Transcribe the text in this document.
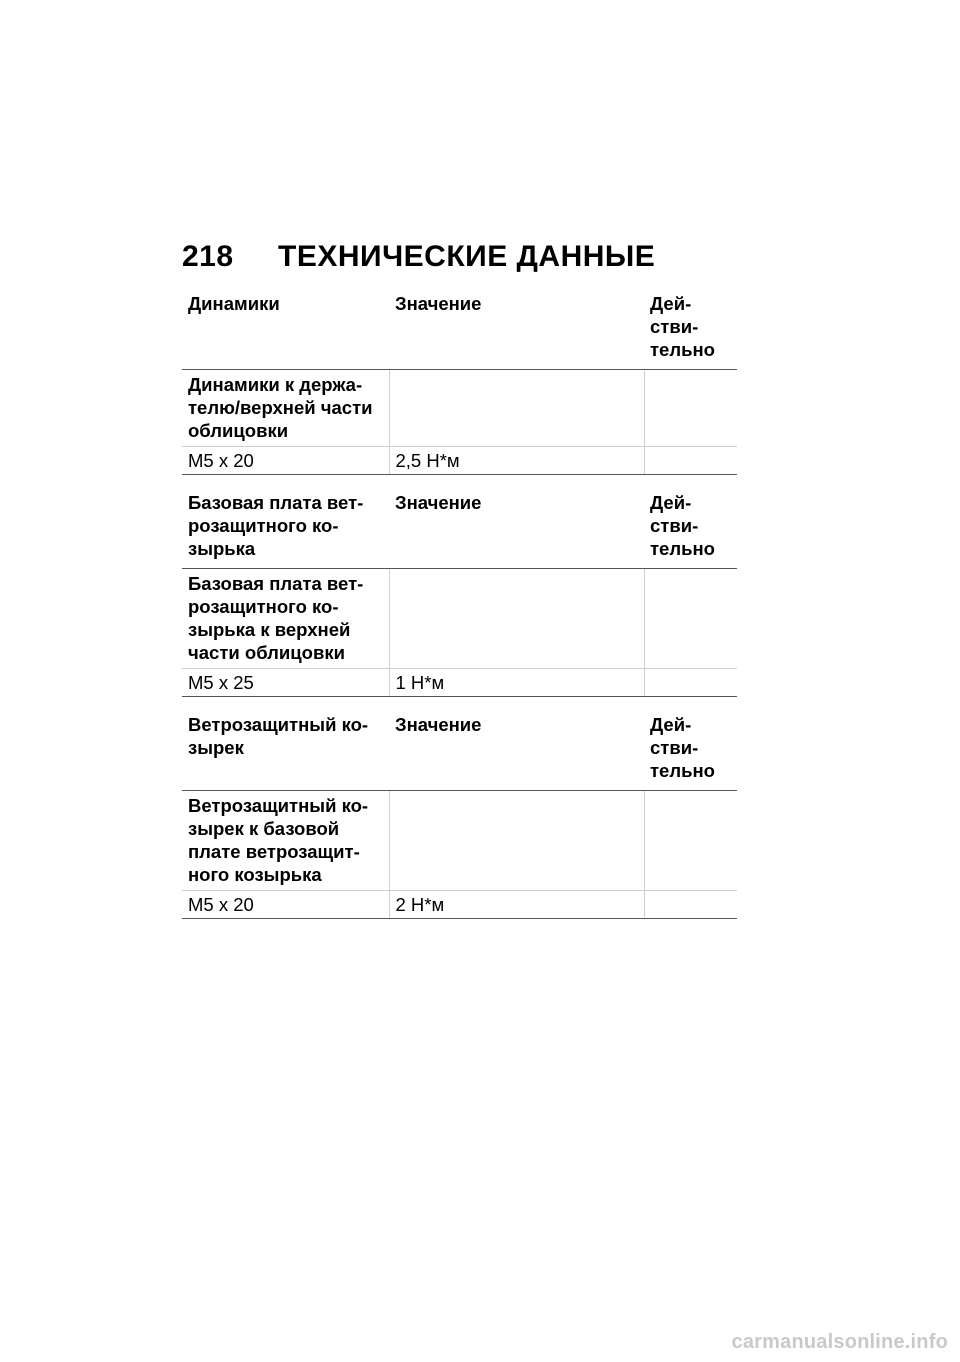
218	ТЕХНИЧЕСКИЕ ДАННЫЕ
Динамики	Значение	Дей-
стви-
тельно
Динамики к держа-
телю/верхней части
облицовки		
M5 x 20	2,5 Н*м	
Базовая плата вет-
розащитного ко-
зырька	Значение	Дей-
стви-
тельно
Базовая плата вет-
розащитного ко-
зырька к верхней
части облицовки		
M5 x 25	1 Н*м	
Ветрозащитный ко-
зырек	Значение	Дей-
стви-
тельно
Ветрозащитный ко-
зырек к базовой
плате ветрозащит-
ного козырька		
M5 x 20	2 Н*м	
carmanualsonline.info
